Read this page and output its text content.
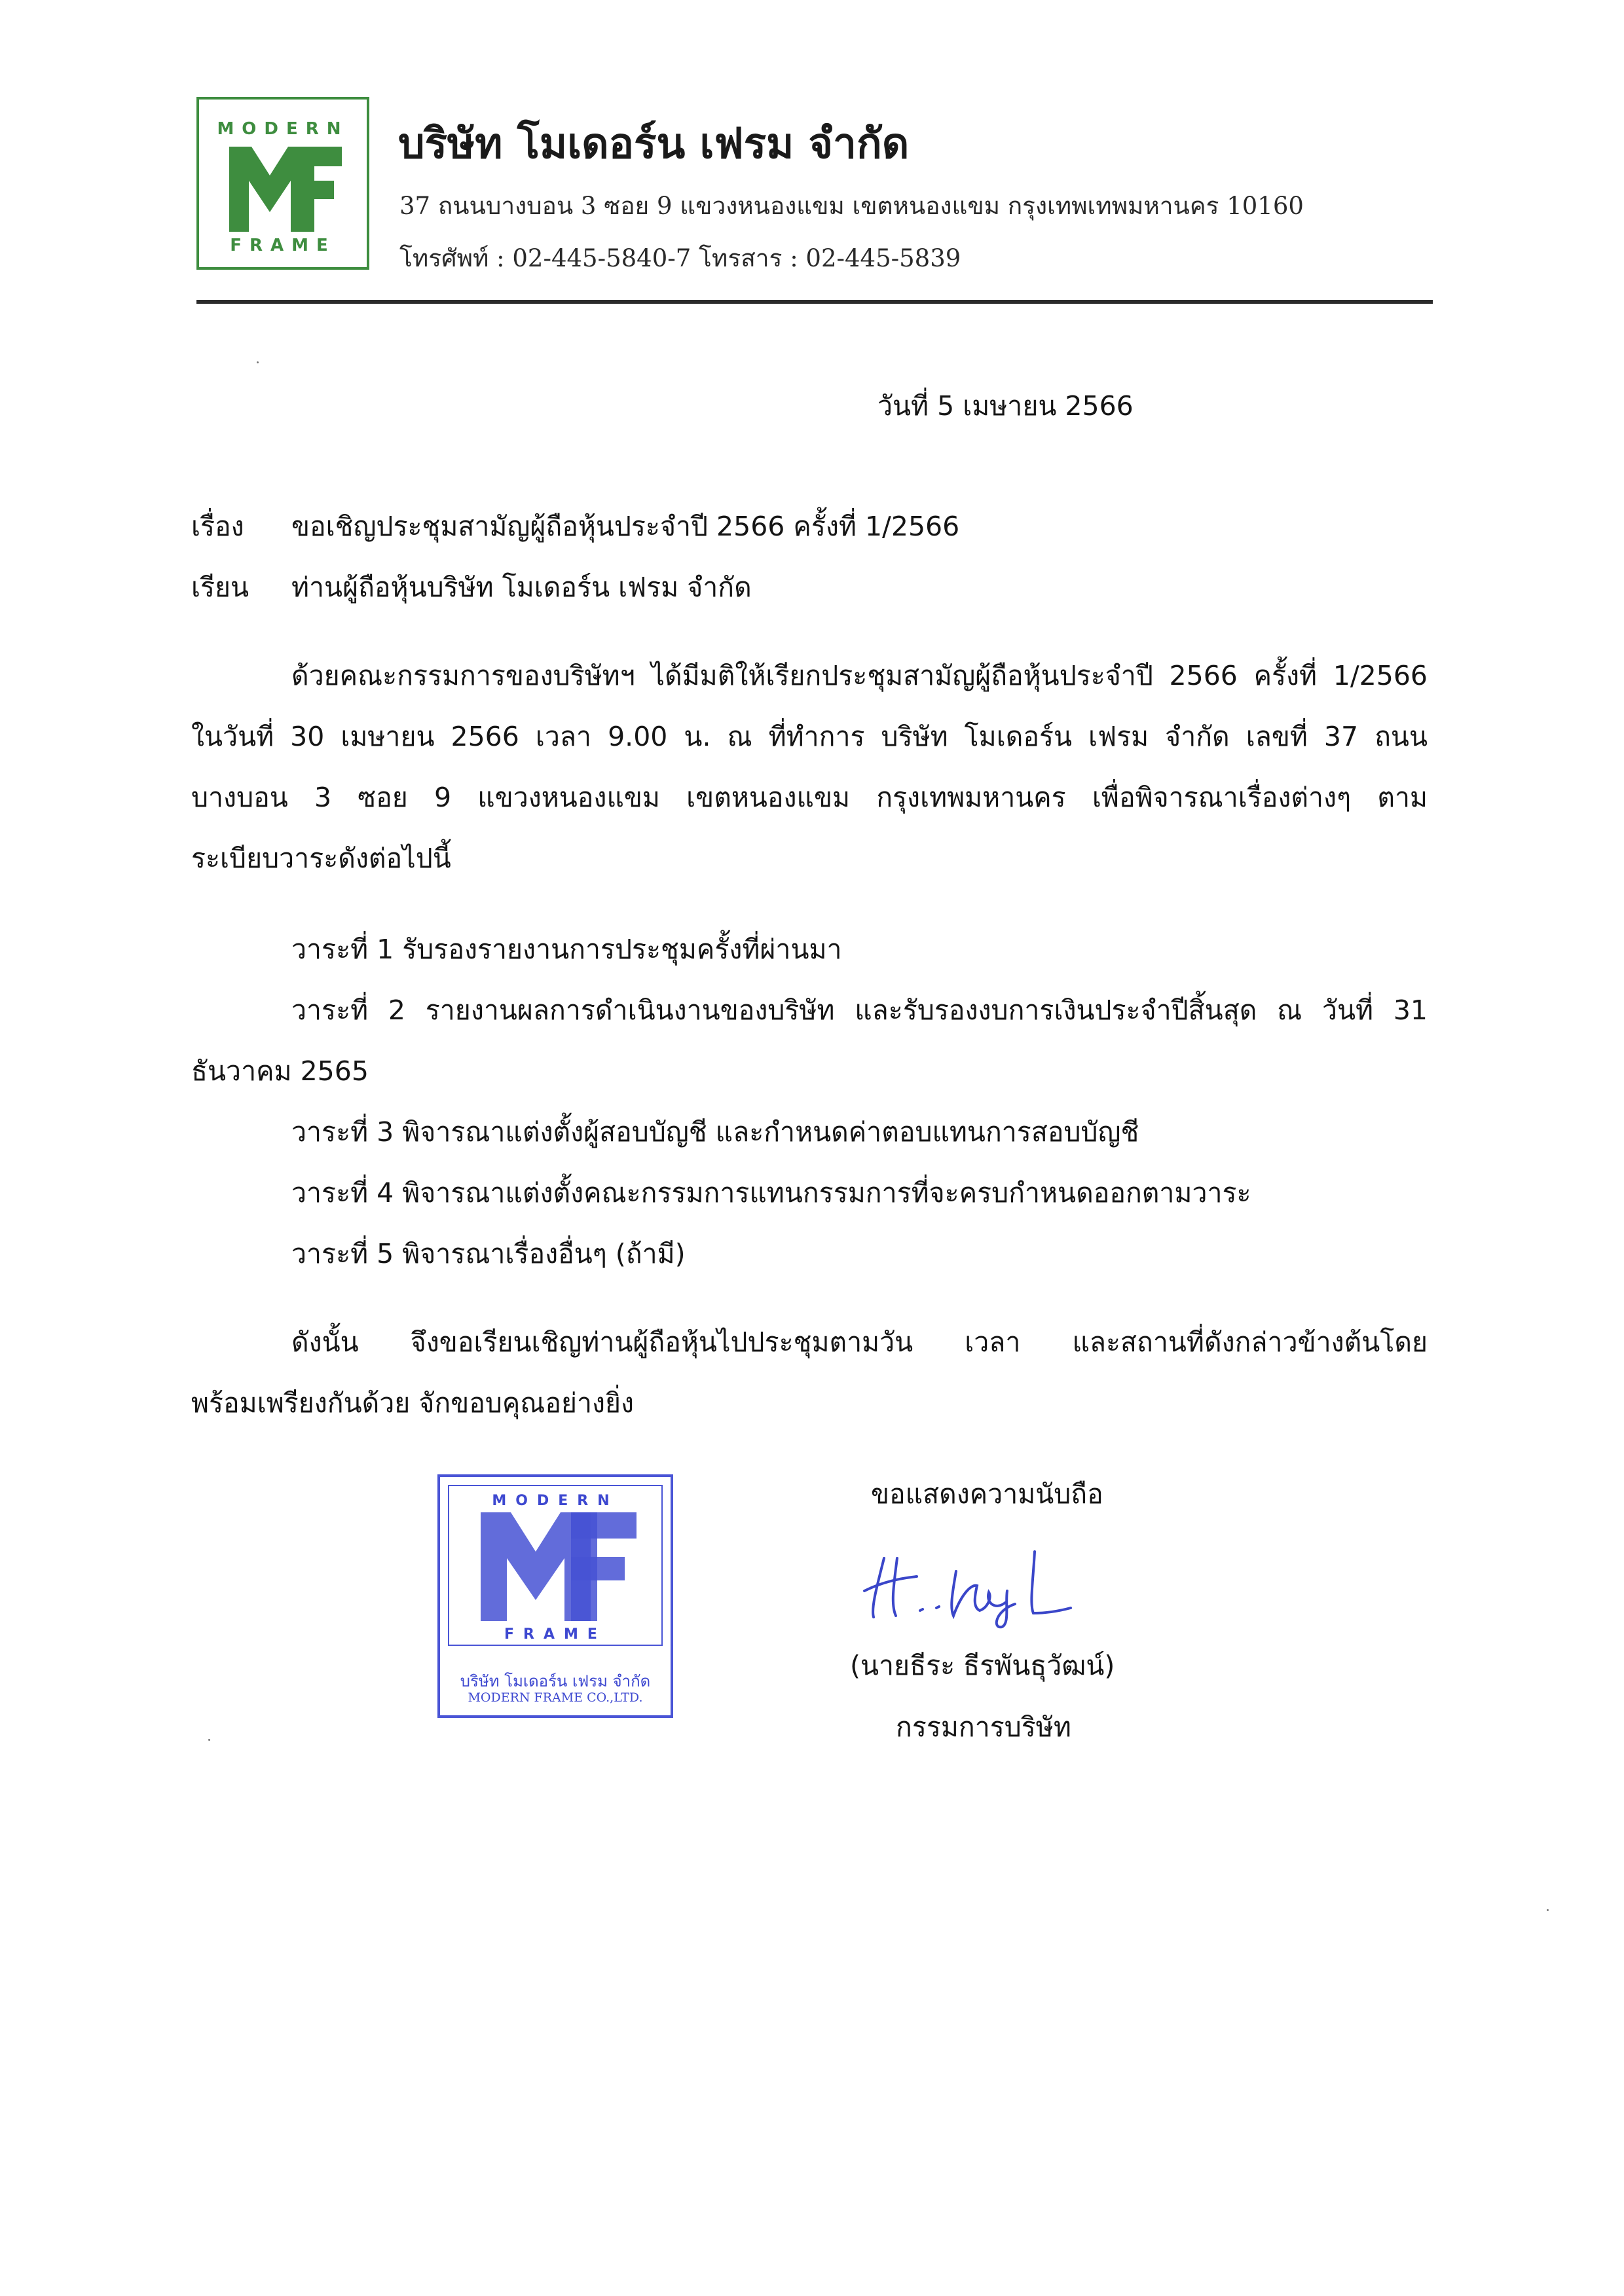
MODERN
FRAME
บริษัท โมเดอร์น เฟรม จำกัด
37 ถนนบางบอน 3 ซอย 9 แขวงหนองแขม เขตหนองแขม กรุงเทพเทพมหานคร 10160
โทรศัพท์ : 02-445-5840-7 โทรสาร : 02-445-5839
วันที่ 5 เมษายน 2566
เรื่อง ขอเชิญประชุมสามัญผู้ถือหุ้นประจำปี 2566 ครั้งที่ 1/2566
เรียน ท่านผู้ถือหุ้นบริษัท โมเดอร์น เฟรม จำกัด
ด้วยคณะกรรมการของบริษัทฯ ได้มีมติให้เรียกประชุมสามัญผู้ถือหุ้นประจำปี 2566 ครั้งที่ 1/2566
ในวันที่ 30 เมษายน 2566 เวลา 9.00 น. ณ ที่ทำการ บริษัท โมเดอร์น เฟรม จำกัด เลขที่ 37 ถนน
บางบอน 3 ซอย 9 แขวงหนองแขม เขตหนองแขม กรุงเทพมหานคร เพื่อพิจารณาเรื่องต่างๆ ตาม
ระเบียบวาระดังต่อไปนี้
วาระที่ 1 รับรองรายงานการประชุมครั้งที่ผ่านมา
วาระที่ 2 รายงานผลการดำเนินงานของบริษัท และรับรองงบการเงินประจำปีสิ้นสุด ณ วันที่ 31
ธันวาคม 2565
วาระที่ 3 พิจารณาแต่งตั้งผู้สอบบัญชี และกำหนดค่าตอบแทนการสอบบัญชี
วาระที่ 4 พิจารณาแต่งตั้งคณะกรรมการแทนกรรมการที่จะครบกำหนดออกตามวาระ
วาระที่ 5 พิจารณาเรื่องอื่นๆ (ถ้ามี)
ดังนั้น จึงขอเรียนเชิญท่านผู้ถือหุ้นไปประชุมตามวัน เวลา และสถานที่ดังกล่าวข้างต้นโดย
พร้อมเพรียงกันด้วย จักขอบคุณอย่างยิ่ง
MODERN
FRAME
บริษัท โมเดอร์น เฟรม จำกัด
MODERN FRAME CO.,LTD.
ขอแสดงความนับถือ
(นายธีระ ธีรพันธุวัฒน์)
กรรมการบริษัท
